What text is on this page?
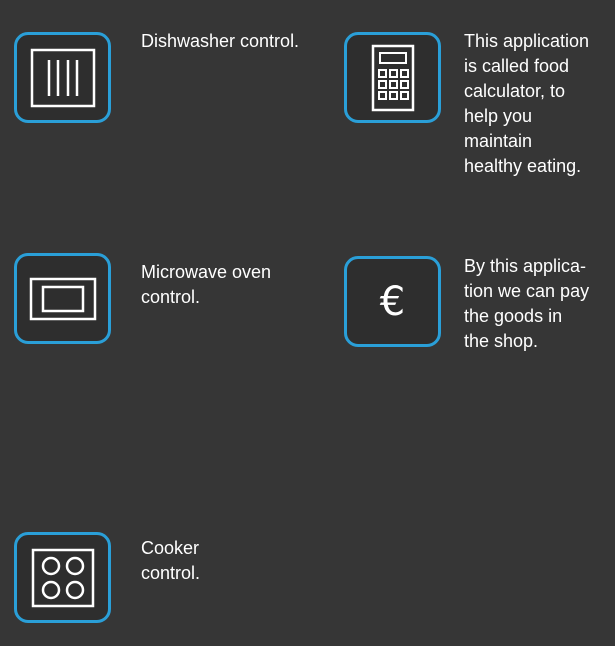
Dishwasher control.	This application
is called food
calculator, to
help you
maintain
healthy eating.
Microwave oven
control.	€
By this applica-
tion we can pay
the goods in
the shop.
Cooker
control.
